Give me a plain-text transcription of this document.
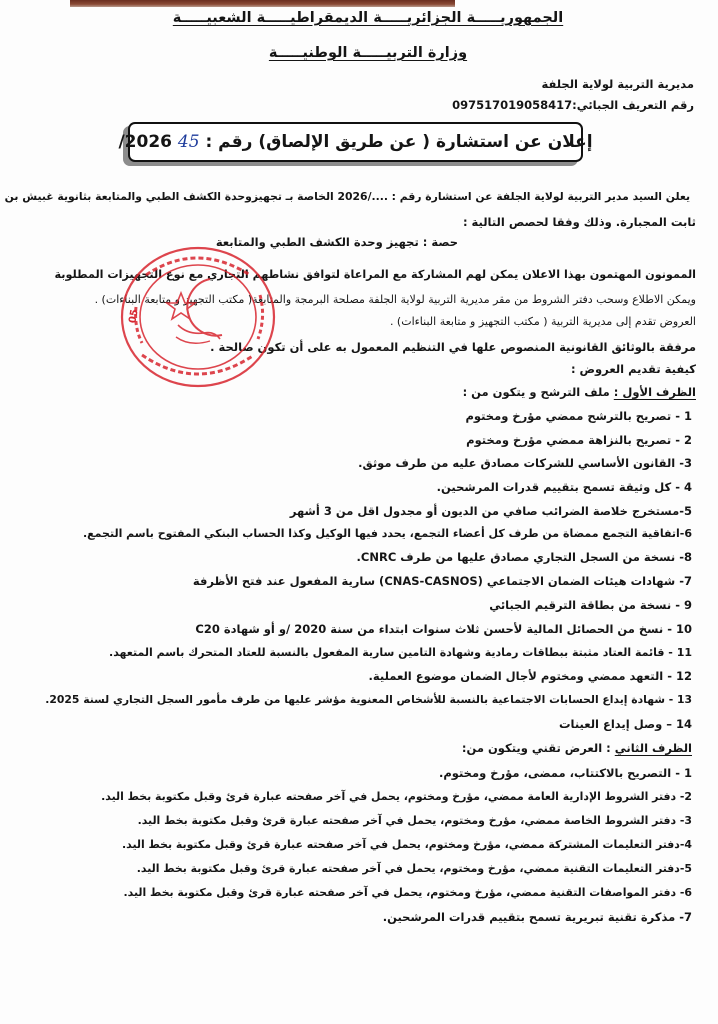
الجمهوريـــــة الجزائريـــــة الديمقراطيـــــة الشعبيـــــة
وزارة التربيـــــة الوطنيـــــة
مديرية التربية لولاية الجلفة
رقم التعريف الجبائي:097517019058417
إعلان عن استشارة ( عن طريق الإلصاق) رقم : 45 2026/
يعلن السيد مدير التربية لولاية الجلفة عن استشارة رقم : ..../2026 الخاصة بـ تجهيزوحدة الكشف الطبي والمتابعة بثانوية غبيش بن
ثابت المجبارة. وذلك وفقا لحصص التالية :
حصة : تجهيز وحدة الكشف الطبي والمتابعة
الممونون المهتمون بهذا الاعلان يمكن لهم المشاركة مع المراعاة لتوافق نشاطهم التجاري مع نوع التجهيزات المطلوبة
ويمكن الاطلاع وسحب دفتر الشروط من مقر مديرية التربية لولاية الجلفة مصلحة البرمجة والمتابعة( مكتب التجهيز و متابعة البناءات) .
العروض تقدم إلى مديرية التربية ( مكتب التجهيز و متابعة البناءات) .
مرفقة بالوثائق القانونية المنصوص علها في التنظيم المعمول به على أن تكون صالحة .
كيفية تقديم العروض :
الظرف الأول : ملف الترشح و يتكون من :
1 - تصريح بالترشح ممضي مؤرخ ومختوم
2 - تصريح بالنزاهة ممضي مؤرخ ومختوم
3- القانون الأساسي للشركات مصادق عليه من طرف موثق.
4 - كل وثيقة تسمح بتقييم قدرات المرشحين.
5-مستخرج خلاصة الضرائب صافي من الديون أو مجدول اقل من 3 أشهر
6-اتفاقية التجمع ممضاة من طرف كل أعضاء التجمع، يحدد فيها الوكيل وكذا الحساب البنكي المفتوح باسم التجمع.
8- نسخة من السجل التجاري مصادق عليها من طرف CNRC.
7- شهادات هيئات الضمان الاجتماعي (CNAS-CASNOS) سارية المفعول عند فتح الأظرفة
9 - نسخة من بطاقة الترقيم الجبائي
10 - نسخ من الحصائل المالية لأحسن ثلاث سنوات ابتداء من سنة 2020 /و أو شهادة C20
11 - قائمة العتاد مثبتة ببطاقات رمادية وشهادة التامين سارية المفعول بالنسبة للعتاد المتحرك باسم المتعهد.
12 - التعهد ممضي ومختوم لأجال الضمان موضوع العملية.
13 - شهادة إيداع الحسابات الاجتماعية بالنسبة للأشخاص المعنوية مؤشر عليها من طرف مأمور السجل التجاري لسنة 2025.
14 – وصل إيداع العينات
الظرف الثاني : العرض تقني ويتكون من:
1 - التصريح بالاكتتاب، ممضى، مؤرخ ومختوم.
2- دفتر الشروط الإدارية العامة ممضي، مؤرخ ومختوم، يحمل في آخر صفحته عبارة قرئ وقبل مكتوبة بخط اليد.
3- دفتر الشروط الخاصة ممضي، مؤرخ ومختوم، يحمل في آخر صفحته عبارة قرئ وقبل مكتوبة بخط اليد.
4-دفتر التعليمات المشتركة ممضي، مؤرخ ومختوم، يحمل في آخر صفحته عبارة قرئ وقبل مكتوبة بخط اليد.
5-دفتر التعليمات التقنية ممضي، مؤرخ ومختوم، يحمل في آخر صفحته عبارة قرئ وقبل مكتوبة بخط اليد.
6- دفتر المواصفات التقنية ممضي، مؤرخ ومختوم، يحمل في آخر صفحته عبارة قرئ وقبل مكتوبة بخط اليد.
7- مذكرة تقنية تبريرية تسمح بتقييم قدرات المرشحين.
05
